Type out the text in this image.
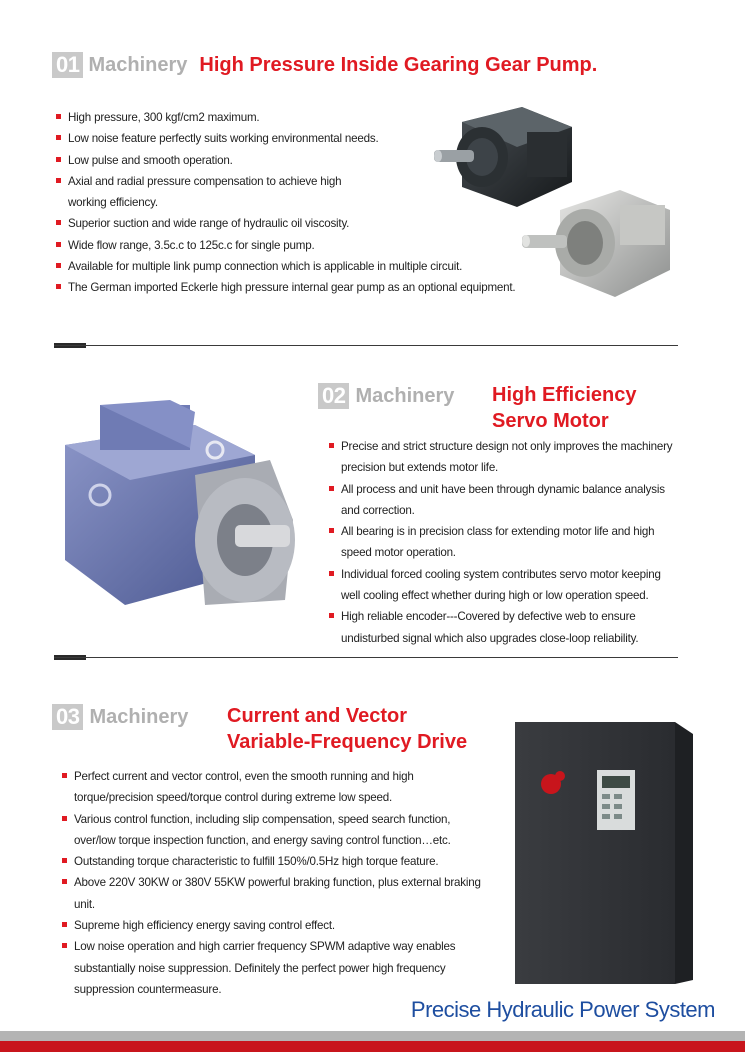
01 Machinery High Pressure Inside Gearing Gear Pump.
High pressure, 300 kgf/cm2 maximum.
Low noise feature perfectly suits working environmental needs.
Low pulse and smooth operation.
Axial and radial pressure compensation to achieve high working efficiency.
Superior suction and wide range of hydraulic oil viscosity.
Wide flow range, 3.5c.c to 125c.c for single pump.
Available for multiple link pump connection which is applicable in multiple circuit.
The German imported Eckerle high pressure internal gear pump as an optional equipment.
02 Machinery High Efficiency
Servo Motor
Precise and strict structure design not only improves the machinery precision but extends motor life.
All process and unit have been through dynamic balance analysis and correction.
All bearing is in precision class for extending motor life and high speed motor operation.
Individual forced cooling system contributes servo motor keeping well cooling effect whether during high or low operation speed.
High reliable encoder---Covered by defective web to ensure undisturbed signal which also upgrades close-loop reliability.
03 Machinery Current and Vector
Variable-Frequency Drive
Perfect current and vector control, even the smooth running and high torque/precision speed/torque control during extreme low speed.
Various control function, including slip compensation, speed search function, over/low torque inspection function, and energy saving control function…etc.
Outstanding torque characteristic to fulfill 150%/0.5Hz high torque feature.
Above 220V 30KW or 380V 55KW powerful braking function, plus external braking unit.
Supreme high efficiency energy saving control effect.
Low noise operation and high carrier frequency SPWM adaptive way enables substantially noise suppression. Definitely the perfect power high frequency suppression countermeasure.
Precise Hydraulic Power System
